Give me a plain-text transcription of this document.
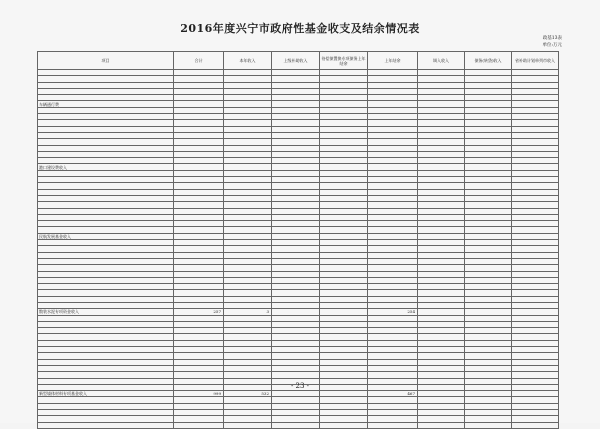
2016年度兴宁市政府性基金收支及结余情况表
政基13表
单位:万元
项目	合计	本年收入	上级补助收入	待偿债置换专项债务上年结余	上年结余	调入收入	债务(转贷)收入	省补助计划单列市收入

车辆通行费								

港口建设费收入								

民航发展基金收入								

散装水泥专项资金收入	257	3			254			

新型墙体材料专项基金收入	999	532			467			

- 23 -
